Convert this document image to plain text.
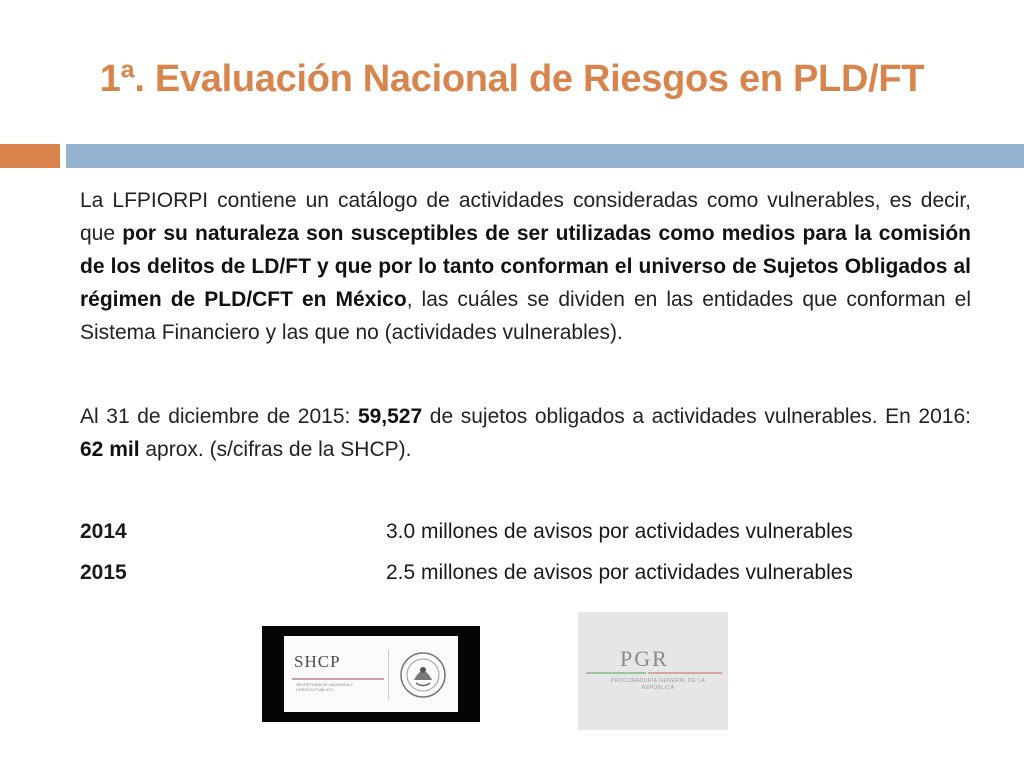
1ª. Evaluación Nacional de Riesgos en PLD/FT
La LFPIORPI contiene un catálogo de actividades consideradas como vulnerables, es decir, que por su naturaleza son susceptibles de ser utilizadas como medios para la comisión de los delitos de LD/FT y que por lo tanto conforman el universo de Sujetos Obligados al régimen de PLD/CFT en México, las cuáles se dividen en las entidades que conforman el Sistema Financiero y las que no (actividades vulnerables).
Al 31 de diciembre de 2015: 59,527 de sujetos obligados a actividades vulnerables. En 2016: 62 mil aprox. (s/cifras de la SHCP).
2014	3.0 millones de avisos por actividades vulnerables
2015	2.5 millones de avisos por actividades vulnerables
SHCP
SECRETARÍA DE HACIENDA Y CRÉDITO PÚBLICO
PGR
PROCURADURÍA GENERAL DE LA REPÚBLICA
